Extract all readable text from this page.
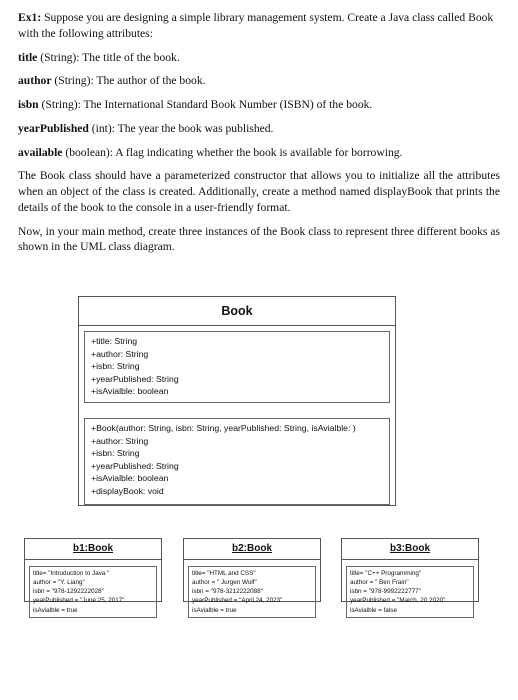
Ex1: Suppose you are designing a simple library management system. Create a Java class called Book with the following attributes:

title (String): The title of the book.

author (String): The author of the book.

isbn (String): The International Standard Book Number (ISBN) of the book.

yearPublished (int): The year the book was published.

available (boolean): A flag indicating whether the book is available for borrowing.

The Book class should have a parameterized constructor that allows you to initialize all the attributes when an object of the class is created. Additionally, create a method named displayBook that prints the details of the book to the console in a user-friendly format.

Now, in your main method, create three instances of the Book class to represent three different books as shown in the UML class diagram.

Book
+title: String
+author: String
+isbn: String
+yearPublished: String
+isAvialble: boolean
+Book(author: String, isbn: String, yearPublished: String, isAvialble: )
+author: String
+isbn: String
+yearPublished: String
+isAvialble: boolean
+displayBook: void
b1:Book
title= "Introduction to Java "
author = "Y. Liang"
isbn = "978-1292222028"
yearPublished = "June 25, 2017"
isAvialble = true
b2:Book
title= "HTML and CSS"
author = " Jurgen Wolf"
isbn = "978-3212222088"
yearPublished = "April,24, 2023"
isAvialble = true
b3:Book
title= "C++ Programming"
author = " Ben Frain"
isbn = "978-9992222777"
yearPublished = "March, 20 2020"
isAvialble = false
